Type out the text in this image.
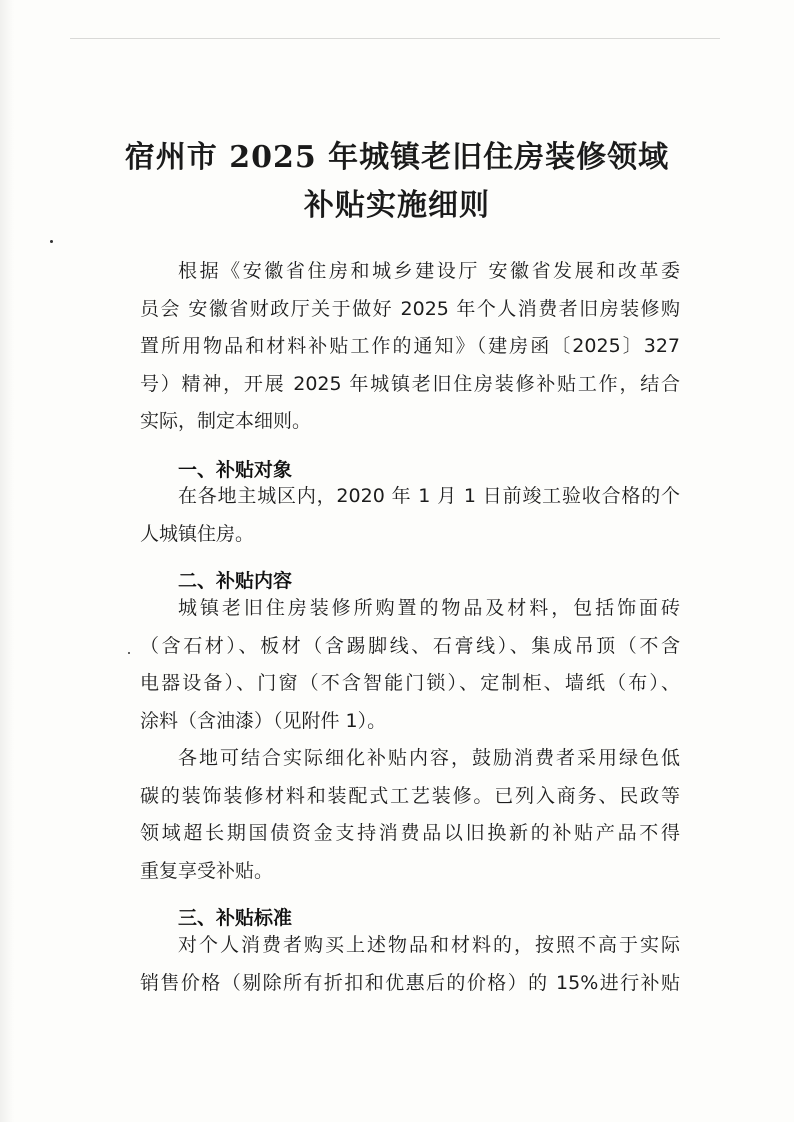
宿州市 2025 年城镇老旧住房装修领域
补贴实施细则
根据《安徽省住房和城乡建设厅 安徽省发展和改革委
员会 安徽省财政厅关于做好 2025 年个人消费者旧房装修购
置所用物品和材料补贴工作的通知》（建房函〔2025〕327
号）精神，开展 2025 年城镇老旧住房装修补贴工作，结合
实际，制定本细则。
一、补贴对象
在各地主城区内，2020 年 1 月 1 日前竣工验收合格的个
人城镇住房。
二、补贴内容
城镇老旧住房装修所购置的物品及材料，包括饰面砖
（含石材）、板材（含踢脚线、石膏线）、集成吊顶（不含
电器设备）、门窗（不含智能门锁）、定制柜、墙纸（布）、
涂料（含油漆）（见附件 1）。
各地可结合实际细化补贴内容，鼓励消费者采用绿色低
碳的装饰装修材料和装配式工艺装修。已列入商务、民政等
领域超长期国债资金支持消费品以旧换新的补贴产品不得
重复享受补贴。
三、补贴标准
对个人消费者购买上述物品和材料的，按照不高于实际
销售价格（剔除所有折扣和优惠后的价格）的 15%进行补贴
